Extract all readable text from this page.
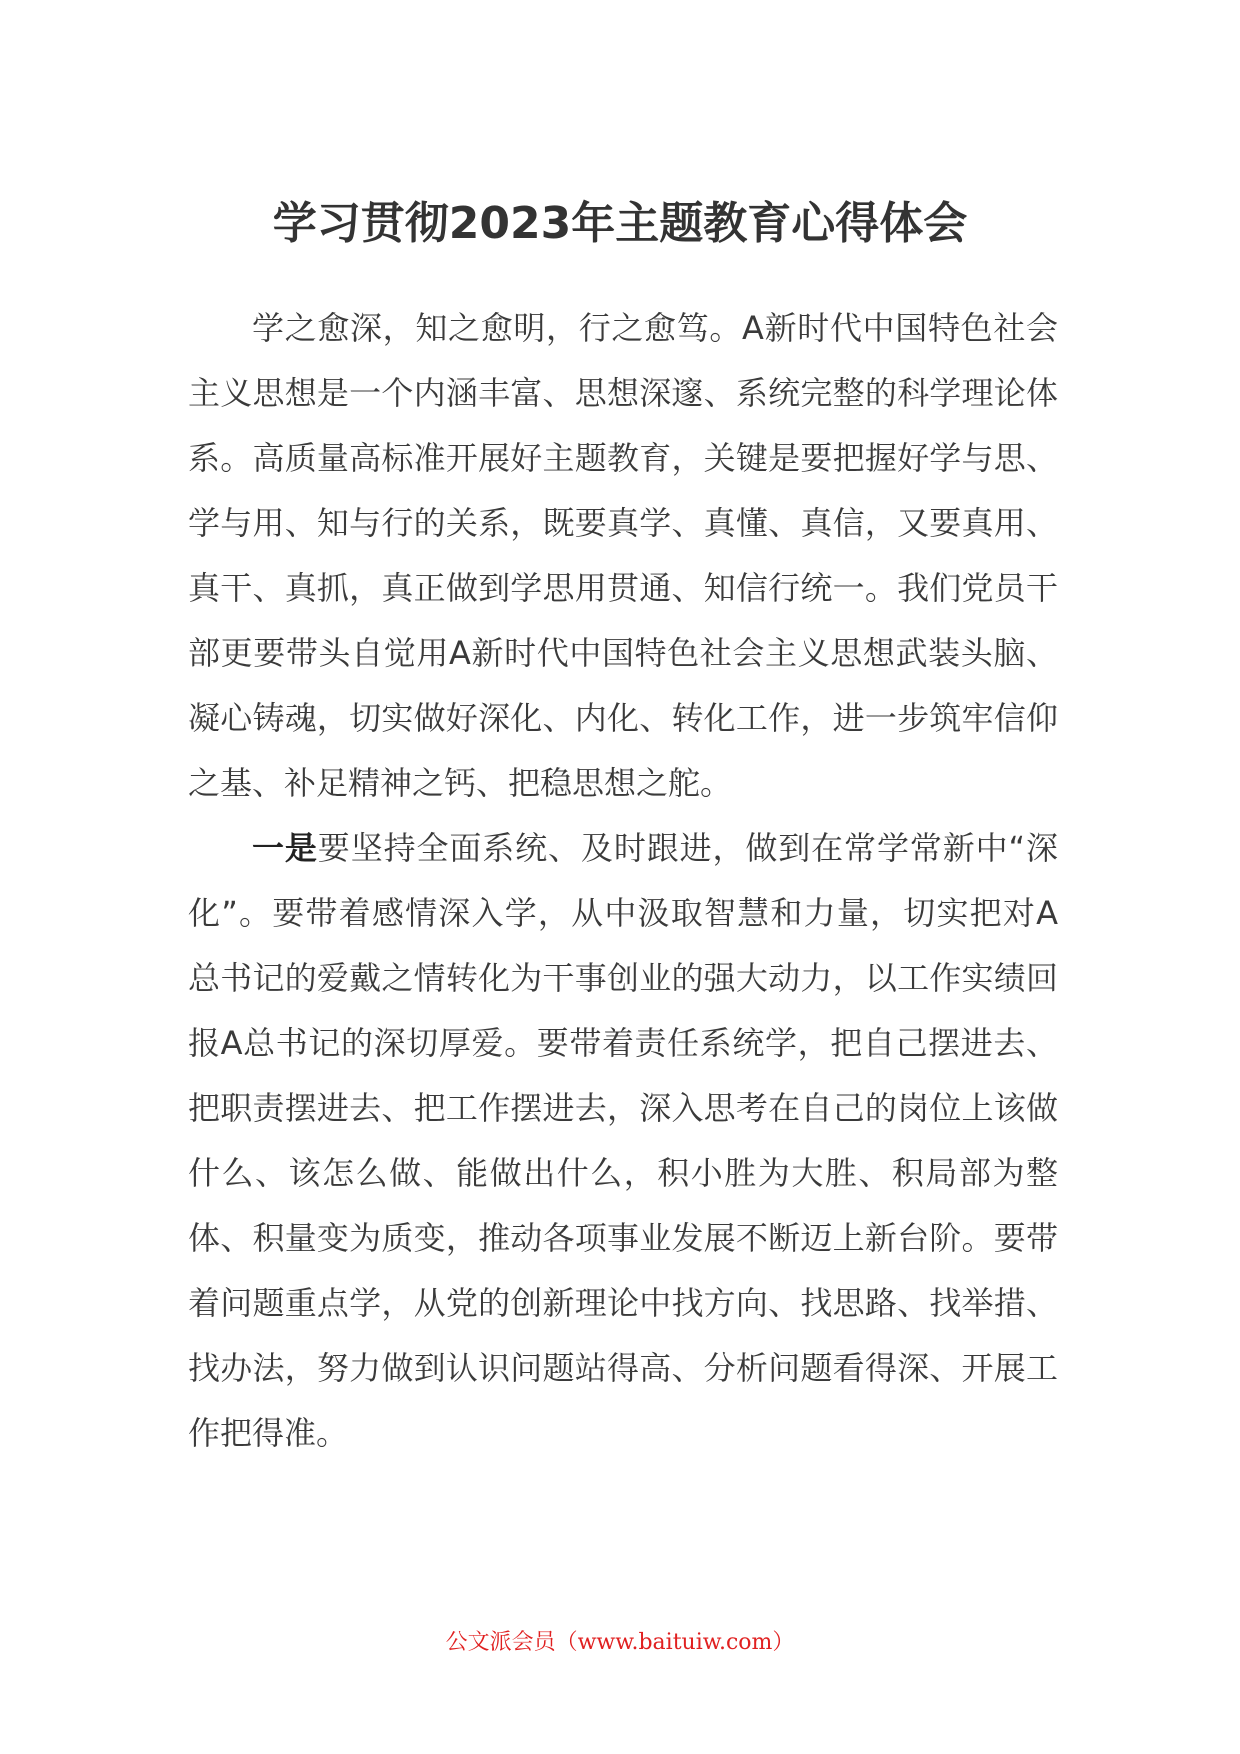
学习贯彻2023年主题教育心得体会

学之愈深，知之愈明，行之愈笃。A新时代中国特色社会主义思想是一个内涵丰富、思想深邃、系统完整的科学理论体系。高质量高标准开展好主题教育，关键是要把握好学与思、学与用、知与行的关系，既要真学、真懂、真信，又要真用、真干、真抓，真正做到学思用贯通、知信行统一。我们党员干部更要带头自觉用A新时代中国特色社会主义思想武装头脑、凝心铸魂，切实做好深化、内化、转化工作，进一步筑牢信仰之基、补足精神之钙、把稳思想之舵。

一是要坚持全面系统、及时跟进，做到在常学常新中“深化”。要带着感情深入学，从中汲取智慧和力量，切实把对A总书记的爱戴之情转化为干事创业的强大动力，以工作实绩回报A总书记的深切厚爱。要带着责任系统学，把自己摆进去、把职责摆进去、把工作摆进去，深入思考在自己的岗位上该做什么、该怎么做、能做出什么，积小胜为大胜、积局部为整体、积量变为质变，推动各项事业发展不断迈上新台阶。要带着问题重点学，从党的创新理论中找方向、找思路、找举措、找办法，努力做到认识问题站得高、分析问题看得深、开展工作把得准。

公文派会员（www.baituiw.com）
